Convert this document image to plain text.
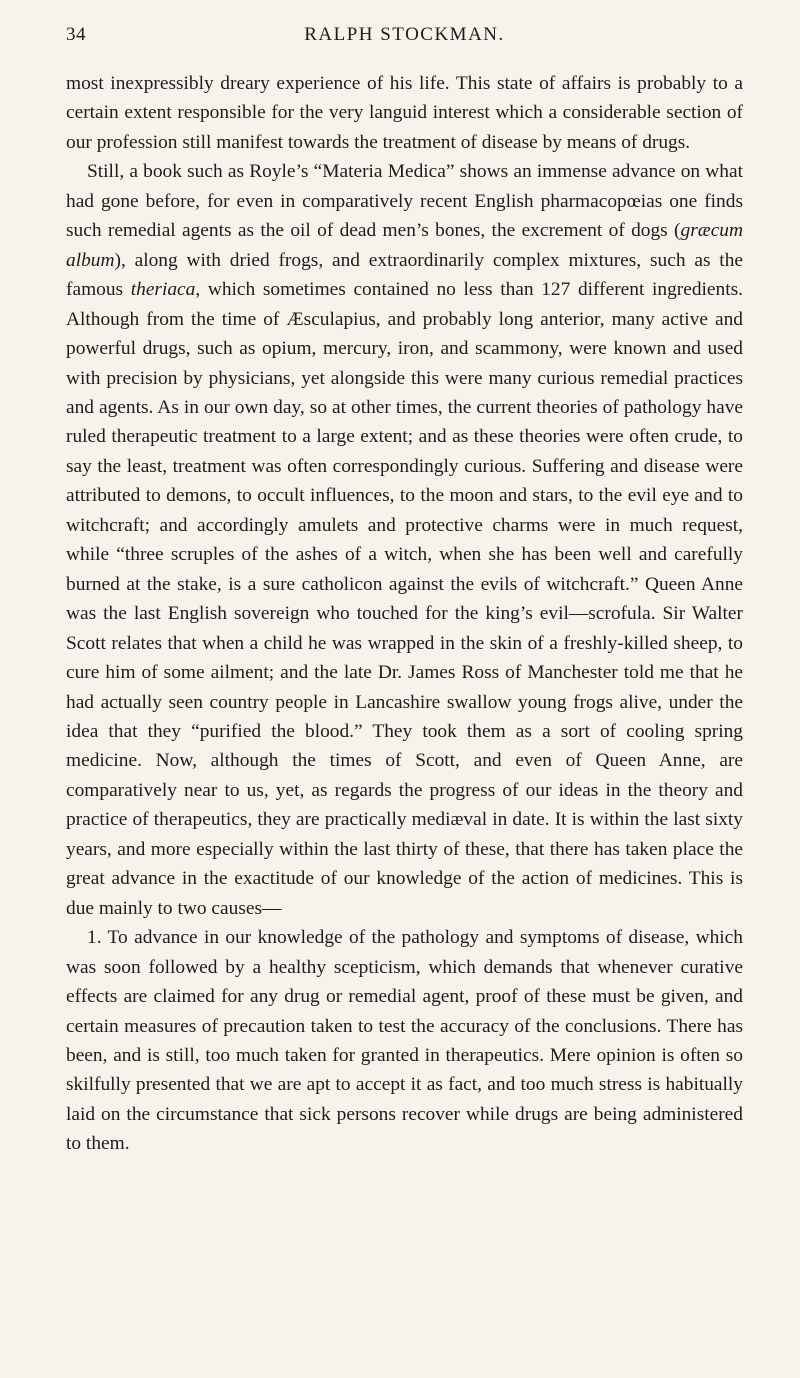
34	RALPH STOCKMAN.

most inexpressibly dreary experience of his life. This state of affairs is probably to a certain extent responsible for the very languid interest which a considerable section of our profession still manifest towards the treatment of disease by means of drugs.

Still, a book such as Royle’s “Materia Medica” shows an immense advance on what had gone before, for even in comparatively recent English pharmacopœias one finds such remedial agents as the oil of dead men’s bones, the excrement of dogs (græcum album), along with dried frogs, and extraordinarily complex mixtures, such as the famous theriaca, which sometimes contained no less than 127 different ingredients. Although from the time of Æsculapius, and probably long anterior, many active and powerful drugs, such as opium, mercury, iron, and scammony, were known and used with precision by physicians, yet alongside this were many curious remedial practices and agents. As in our own day, so at other times, the current theories of pathology have ruled therapeutic treatment to a large extent; and as these theories were often crude, to say the least, treatment was often correspondingly curious. Suffering and disease were attributed to demons, to occult influences, to the moon and stars, to the evil eye and to witchcraft; and accordingly amulets and protective charms were in much request, while “three scruples of the ashes of a witch, when she has been well and carefully burned at the stake, is a sure catholicon against the evils of witchcraft.” Queen Anne was the last English sovereign who touched for the king’s evil—scrofula. Sir Walter Scott relates that when a child he was wrapped in the skin of a freshly-killed sheep, to cure him of some ailment; and the late Dr. James Ross of Manchester told me that he had actually seen country people in Lancashire swallow young frogs alive, under the idea that they “purified the blood.” They took them as a sort of cooling spring medicine. Now, although the times of Scott, and even of Queen Anne, are comparatively near to us, yet, as regards the progress of our ideas in the theory and practice of therapeutics, they are practically mediæval in date. It is within the last sixty years, and more especially within the last thirty of these, that there has taken place the great advance in the exactitude of our knowledge of the action of medicines. This is due mainly to two causes—

1. To advance in our knowledge of the pathology and symptoms of disease, which was soon followed by a healthy scepticism, which demands that whenever curative effects are claimed for any drug or remedial agent, proof of these must be given, and certain measures of precaution taken to test the accuracy of the conclusions. There has been, and is still, too much taken for granted in therapeutics. Mere opinion is often so skilfully presented that we are apt to accept it as fact, and too much stress is habitually laid on the circumstance that sick persons recover while drugs are being administered to them.
